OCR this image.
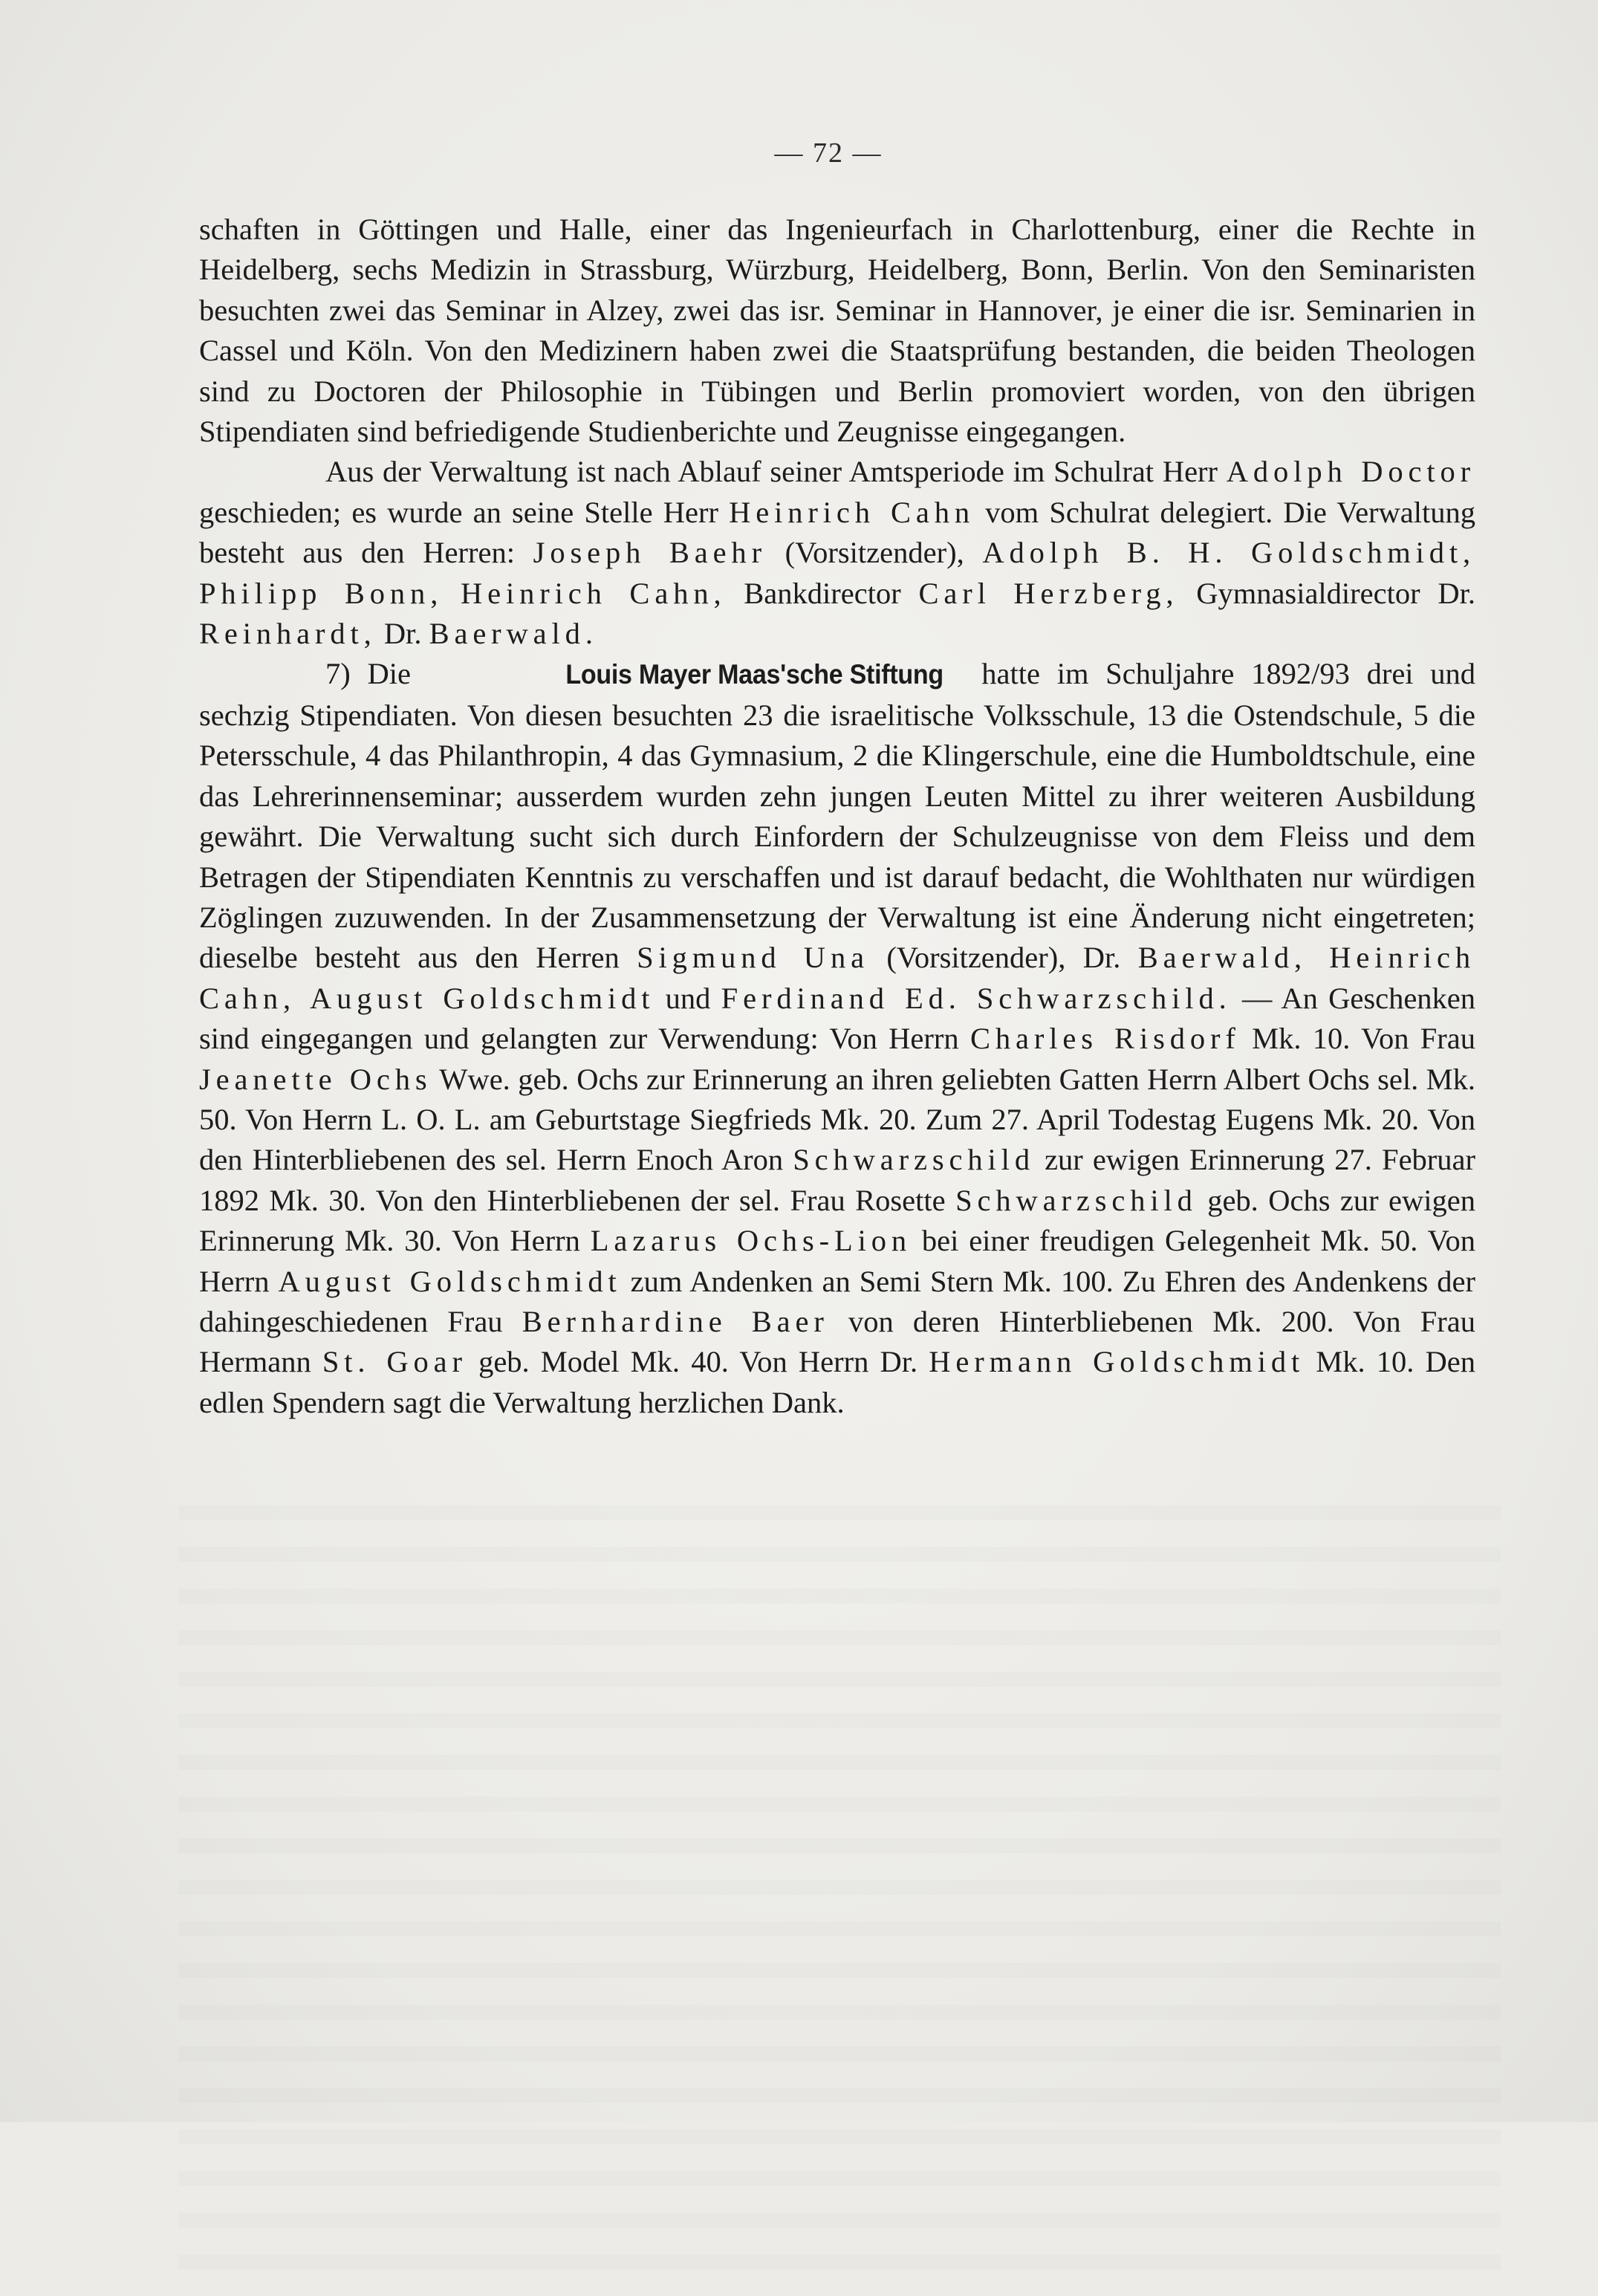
— 72 —

schaften in Göttingen und Halle, einer das Ingenieurfach in Charlottenburg, einer die Rechte in Heidelberg, sechs Medizin in Strassburg, Würzburg, Heidelberg, Bonn, Berlin. Von den Seminaristen besuchten zwei das Seminar in Alzey, zwei das isr. Seminar in Hannover, je einer die isr. Seminarien in Cassel und Köln. Von den Medizinern haben zwei die Staatsprüfung bestanden, die beiden Theologen sind zu Doctoren der Philosophie in Tübingen und Berlin promoviert worden, von den übrigen Stipendiaten sind befriedigende Studienberichte und Zeugnisse eingegangen.

Aus der Verwaltung ist nach Ablauf seiner Amtsperiode im Schulrat Herr Adolph Doctor geschieden; es wurde an seine Stelle Herr Heinrich Cahn vom Schulrat delegiert. Die Verwaltung besteht aus den Herren: Joseph Baehr (Vorsitzender), Adolph B. H. Goldschmidt, Philipp Bonn, Heinrich Cahn, Bankdirector Carl Herzberg, Gymnasialdirector Dr. Reinhardt, Dr. Baerwald.

7) Die	Louis Mayer Maas'sche Stiftung hatte im Schuljahre 1892/93 drei und sechzig Stipendiaten. Von diesen besuchten 23 die israelitische Volksschule, 13 die Ostendschule, 5 die Petersschule, 4 das Philanthropin, 4 das Gymnasium, 2 die Klingerschule, eine die Humboldtschule, eine das Lehrerinnenseminar; ausserdem wurden zehn jungen Leuten Mittel zu ihrer weiteren Ausbildung gewährt. Die Verwaltung sucht sich durch Einfordern der Schulzeugnisse von dem Fleiss und dem Betragen der Stipendiaten Kenntnis zu verschaffen und ist darauf bedacht, die Wohlthaten nur würdigen Zöglingen zuzuwenden. In der Zusammensetzung der Verwaltung ist eine Änderung nicht eingetreten; dieselbe besteht aus den Herren Sigmund Una (Vorsitzender), Dr. Baerwald, Heinrich Cahn, August Goldschmidt und Ferdinand Ed. Schwarzschild. — An Geschenken sind eingegangen und gelangten zur Verwendung: Von Herrn Charles Risdorf Mk. 10. Von Frau Jeanette Ochs Wwe. geb. Ochs zur Erinnerung an ihren geliebten Gatten Herrn Albert Ochs sel. Mk. 50. Von Herrn L. O. L. am Geburtstage Siegfrieds Mk. 20. Zum 27. April Todestag Eugens Mk. 20. Von den Hinterbliebenen des sel. Herrn Enoch Aron Schwarzschild zur ewigen Erinnerung 27. Februar 1892 Mk. 30. Von den Hinterbliebenen der sel. Frau Rosette Schwarzschild geb. Ochs zur ewigen Erinnerung Mk. 30. Von Herrn Lazarus Ochs-Lion bei einer freudigen Gelegenheit Mk. 50. Von Herrn August Goldschmidt zum Andenken an Semi Stern Mk. 100. Zu Ehren des Andenkens der dahingeschiedenen Frau Bernhardine Baer von deren Hinterbliebenen Mk. 200. Von Frau Hermann St. Goar geb. Model Mk. 40. Von Herrn Dr. Hermann Goldschmidt Mk. 10. Den edlen Spendern sagt die Verwaltung herzlichen Dank.
